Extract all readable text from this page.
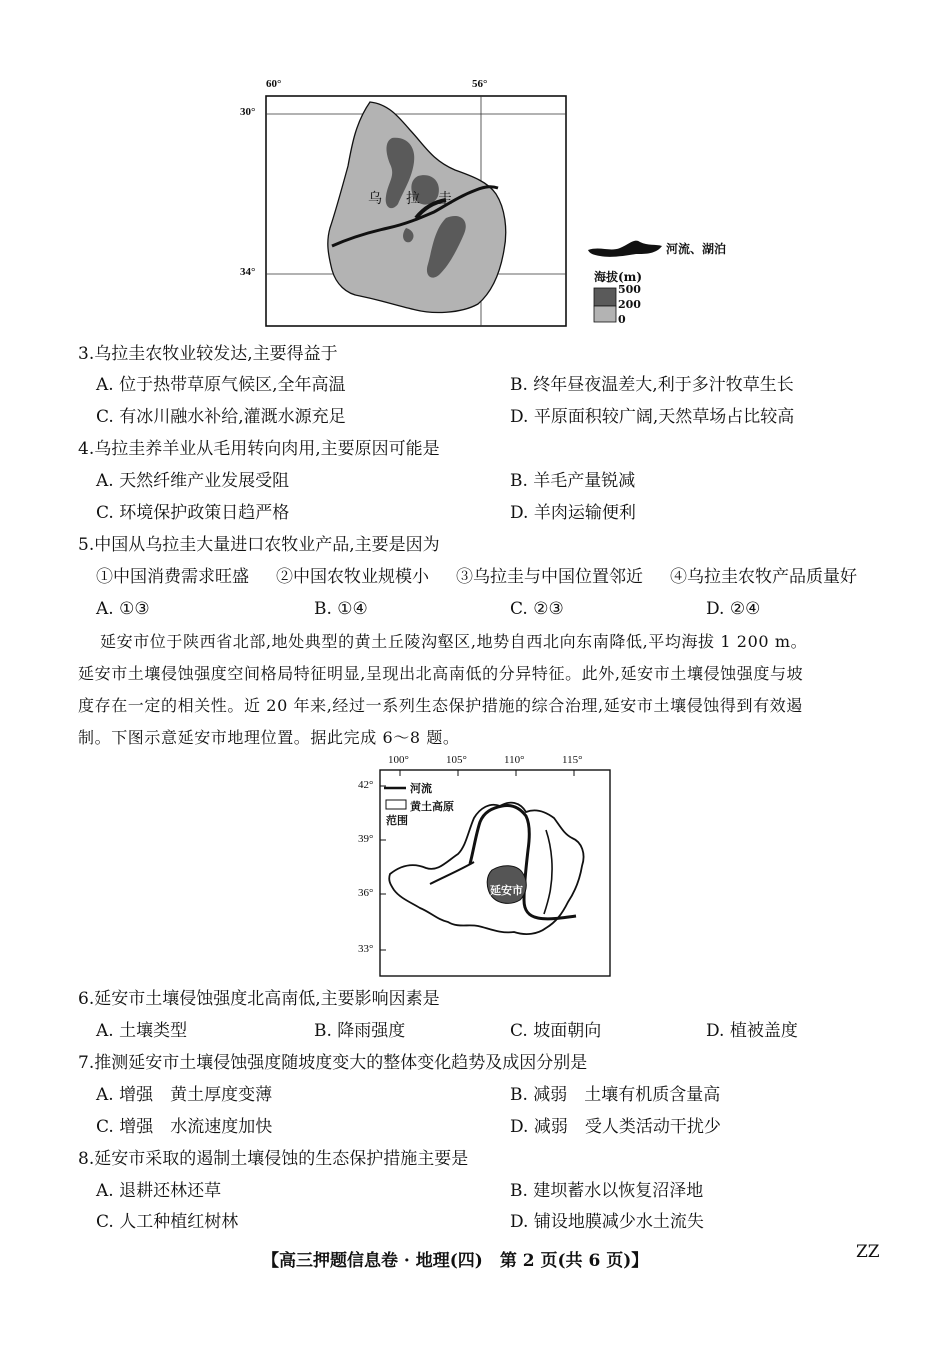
60°	56°
30°
34°
乌 拉 圭
河流、湖泊
海拔(m)
500
200
0
3.乌拉圭农牧业较发达,主要得益于
A. 位于热带草原气候区,全年高温	B. 终年昼夜温差大,利于多汁牧草生长
C. 有冰川融水补给,灌溉水源充足	D. 平原面积较广阔,天然草场占比较高
4.乌拉圭养羊业从毛用转向肉用,主要原因可能是
A. 天然纤维产业发展受阻	B. 羊毛产量锐减
C. 环境保护政策日趋严格	D. 羊肉运输便利
5.中国从乌拉圭大量进口农牧业产品,主要是因为
①中国消费需求旺盛 ②中国农牧业规模小 ③乌拉圭与中国位置邻近 ④乌拉圭农牧产品质量好
A. ①③	B. ①④	C. ②③	D. ②④
延安市位于陕西省北部,地处典型的黄土丘陵沟壑区,地势自西北向东南降低,平均海拔 1 200 m。
延安市土壤侵蚀强度空间格局特征明显,呈现出北高南低的分异特征。此外,延安市土壤侵蚀强度与坡
度存在一定的相关性。近 20 年来,经过一系列生态保护措施的综合治理,延安市土壤侵蚀得到有效遏
制。下图示意延安市地理位置。据此完成 6～8 题。
100°	105°	110°	115°
42°
39°
36°
33°
河流
黄土高原
范围
延安市
6.延安市土壤侵蚀强度北高南低,主要影响因素是
A. 土壤类型	B. 降雨强度	C. 坡面朝向	D. 植被盖度
7.推测延安市土壤侵蚀强度随坡度变大的整体变化趋势及成因分别是
A. 增强　黄土厚度变薄	B. 减弱　土壤有机质含量高
C. 增强　水流速度加快	D. 减弱　受人类活动干扰少
8.延安市采取的遏制土壤侵蚀的生态保护措施主要是
A. 退耕还林还草	B. 建坝蓄水以恢复沼泽地
C. 人工种植红树林	D. 铺设地膜减少水土流失
【高三押题信息卷 · 地理(四)　第 2 页(共 6 页)】	ZZ
